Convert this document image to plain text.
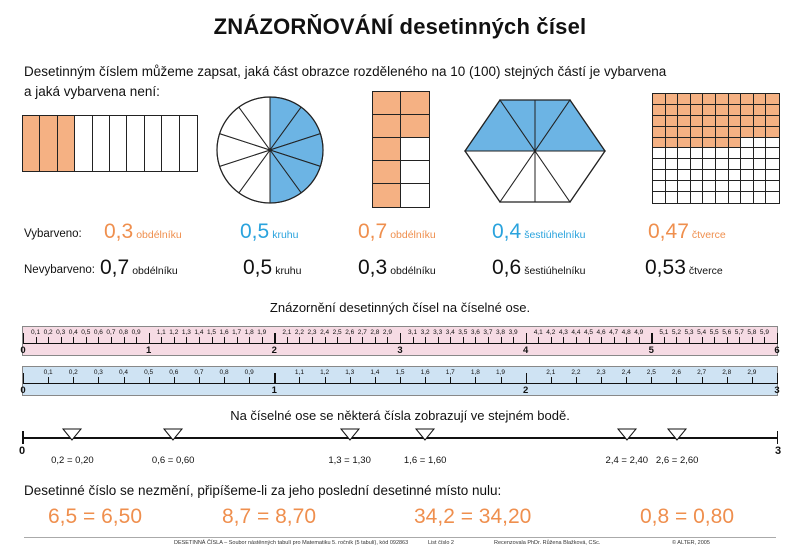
ZNÁZORŇOVÁNÍ desetinných čísel
Desetinným číslem můžeme zapsat, jaká část obrazce rozděleného na 10 (100) stejných částí je vybarvena
a jaká vybarvena není:
Vybarveno: 0,3 obdélníku	0,5 kruhu	0,7 obdélníku	0,4 šestiúhelníku	0,47 čtverce
Nevybarveno: 0,7 obdélníku	0,5 kruhu	0,3 obdélníku	0,6 šestiúhelníku	0,53 čtverce
Znázornění desetinných čísel na číselné ose.
0
0,1 0,2 0,3 0,4 0,5 0,6 0,7 0,8 0,9
1
1,1 1,2 1,3 1,4 1,5 1,6 1,7 1,8 1,9
2
2,1 2,2 2,3 2,4 2,5 2,6 2,7 2,8 2,9
3
3,1 3,2 3,3 3,4 3,5 3,6 3,7 3,8 3,9
4
4,1 4,2 4,3 4,4 4,5 4,6 4,7 4,8 4,9
5
5,1 5,2 5,3 5,4 5,5 5,6 5,7 5,8 5,9
6
0
0,1 0,2 0,3 0,4 0,5 0,6 0,7 0,8 0,9
1
1,1 1,2 1,3 1,4 1,5 1,6 1,7 1,8 1,9
2
2,1 2,2 2,3 2,4 2,5 2,6 2,7 2,8 2,9
3
Na číselné ose se některá čísla zobrazují ve stejném bodě.
0	3
0,2 = 0,20	0,6 = 0,60	1,3 = 1,30	1,6 = 1,60	2,4 = 2,40 2,6 = 2,60
Desetinné číslo se nezmění, připíšeme-li za jeho poslední desetinné místo nulu:
6,5 = 6,50	8,7 = 8,70	34,2 = 34,20	0,8 = 0,80
DESETINNÁ ČÍSLA – Soubor nástěnných tabulí pro Matematiku 5. ročník (5 tabulí), kód 092863	List číslo 2	Recenzovala PhDr. Růžena Blažková, CSc.	© ALTER, 2005
